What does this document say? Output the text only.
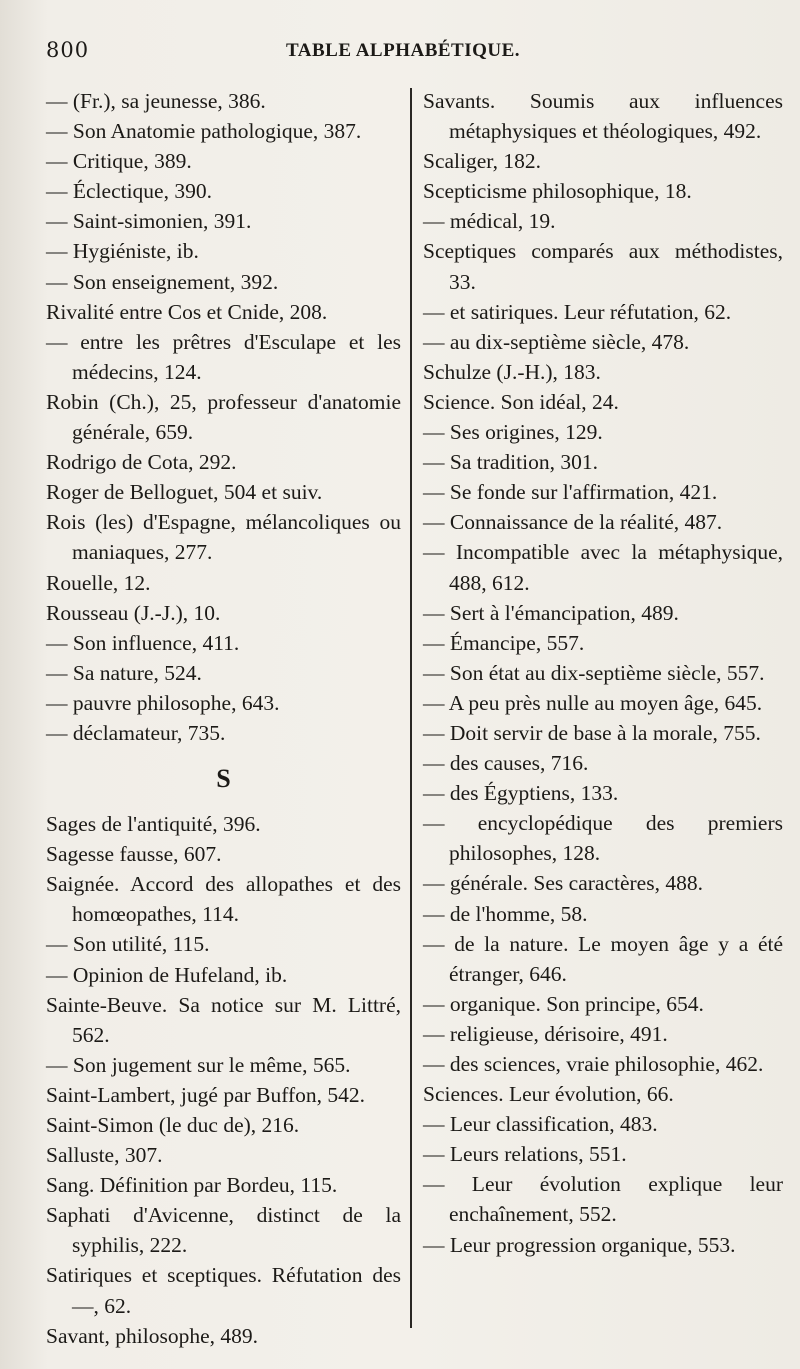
800	TABLE ALPHABÉTIQUE.
— (Fr.), sa jeunesse, 386.
— Son Anatomie pathologique, 387.
— Critique, 389.
— Éclectique, 390.
— Saint-simonien, 391.
— Hygiéniste, ib.
— Son enseignement, 392.
Rivalité entre Cos et Cnide, 208.
— entre les prêtres d'Esculape et les médecins, 124.
Robin (Ch.), 25, professeur d'anatomie générale, 659.
Rodrigo de Cota, 292.
Roger de Belloguet, 504 et suiv.
Rois (les) d'Espagne, mélancoliques ou maniaques, 277.
Rouelle, 12.
Rousseau (J.-J.), 10.
— Son influence, 411.
— Sa nature, 524.
— pauvre philosophe, 643.
— déclamateur, 735.
S
Sages de l'antiquité, 396.
Sagesse fausse, 607.
Saignée. Accord des allopathes et des homœopathes, 114.
— Son utilité, 115.
— Opinion de Hufeland, ib.
Sainte-Beuve. Sa notice sur M. Littré, 562.
— Son jugement sur le même, 565.
Saint-Lambert, jugé par Buffon, 542.
Saint-Simon (le duc de), 216.
Salluste, 307.
Sang. Définition par Bordeu, 115.
Saphati d'Avicenne, distinct de la syphilis, 222.
Satiriques et sceptiques. Réfutation des —, 62.
Savant, philosophe, 489.
Savants. Soumis aux influences métaphysiques et théologiques, 492.
Scaliger, 182.
Scepticisme philosophique, 18.
— médical, 19.
Sceptiques comparés aux méthodistes, 33.
— et satiriques. Leur réfutation, 62.
— au dix-septième siècle, 478.
Schulze (J.-H.), 183.
Science. Son idéal, 24.
— Ses origines, 129.
— Sa tradition, 301.
— Se fonde sur l'affirmation, 421.
— Connaissance de la réalité, 487.
— Incompatible avec la métaphysique, 488, 612.
— Sert à l'émancipation, 489.
— Émancipe, 557.
— Son état au dix-septième siècle, 557.
— A peu près nulle au moyen âge, 645.
— Doit servir de base à la morale, 755.
— des causes, 716.
— des Égyptiens, 133.
— encyclopédique des premiers philosophes, 128.
— générale. Ses caractères, 488.
— de l'homme, 58.
— de la nature. Le moyen âge y a été étranger, 646.
— organique. Son principe, 654.
— religieuse, dérisoire, 491.
— des sciences, vraie philosophie, 462.
Sciences. Leur évolution, 66.
— Leur classification, 483.
— Leurs relations, 551.
— Leur évolution explique leur enchaînement, 552.
— Leur progression organique, 553.
